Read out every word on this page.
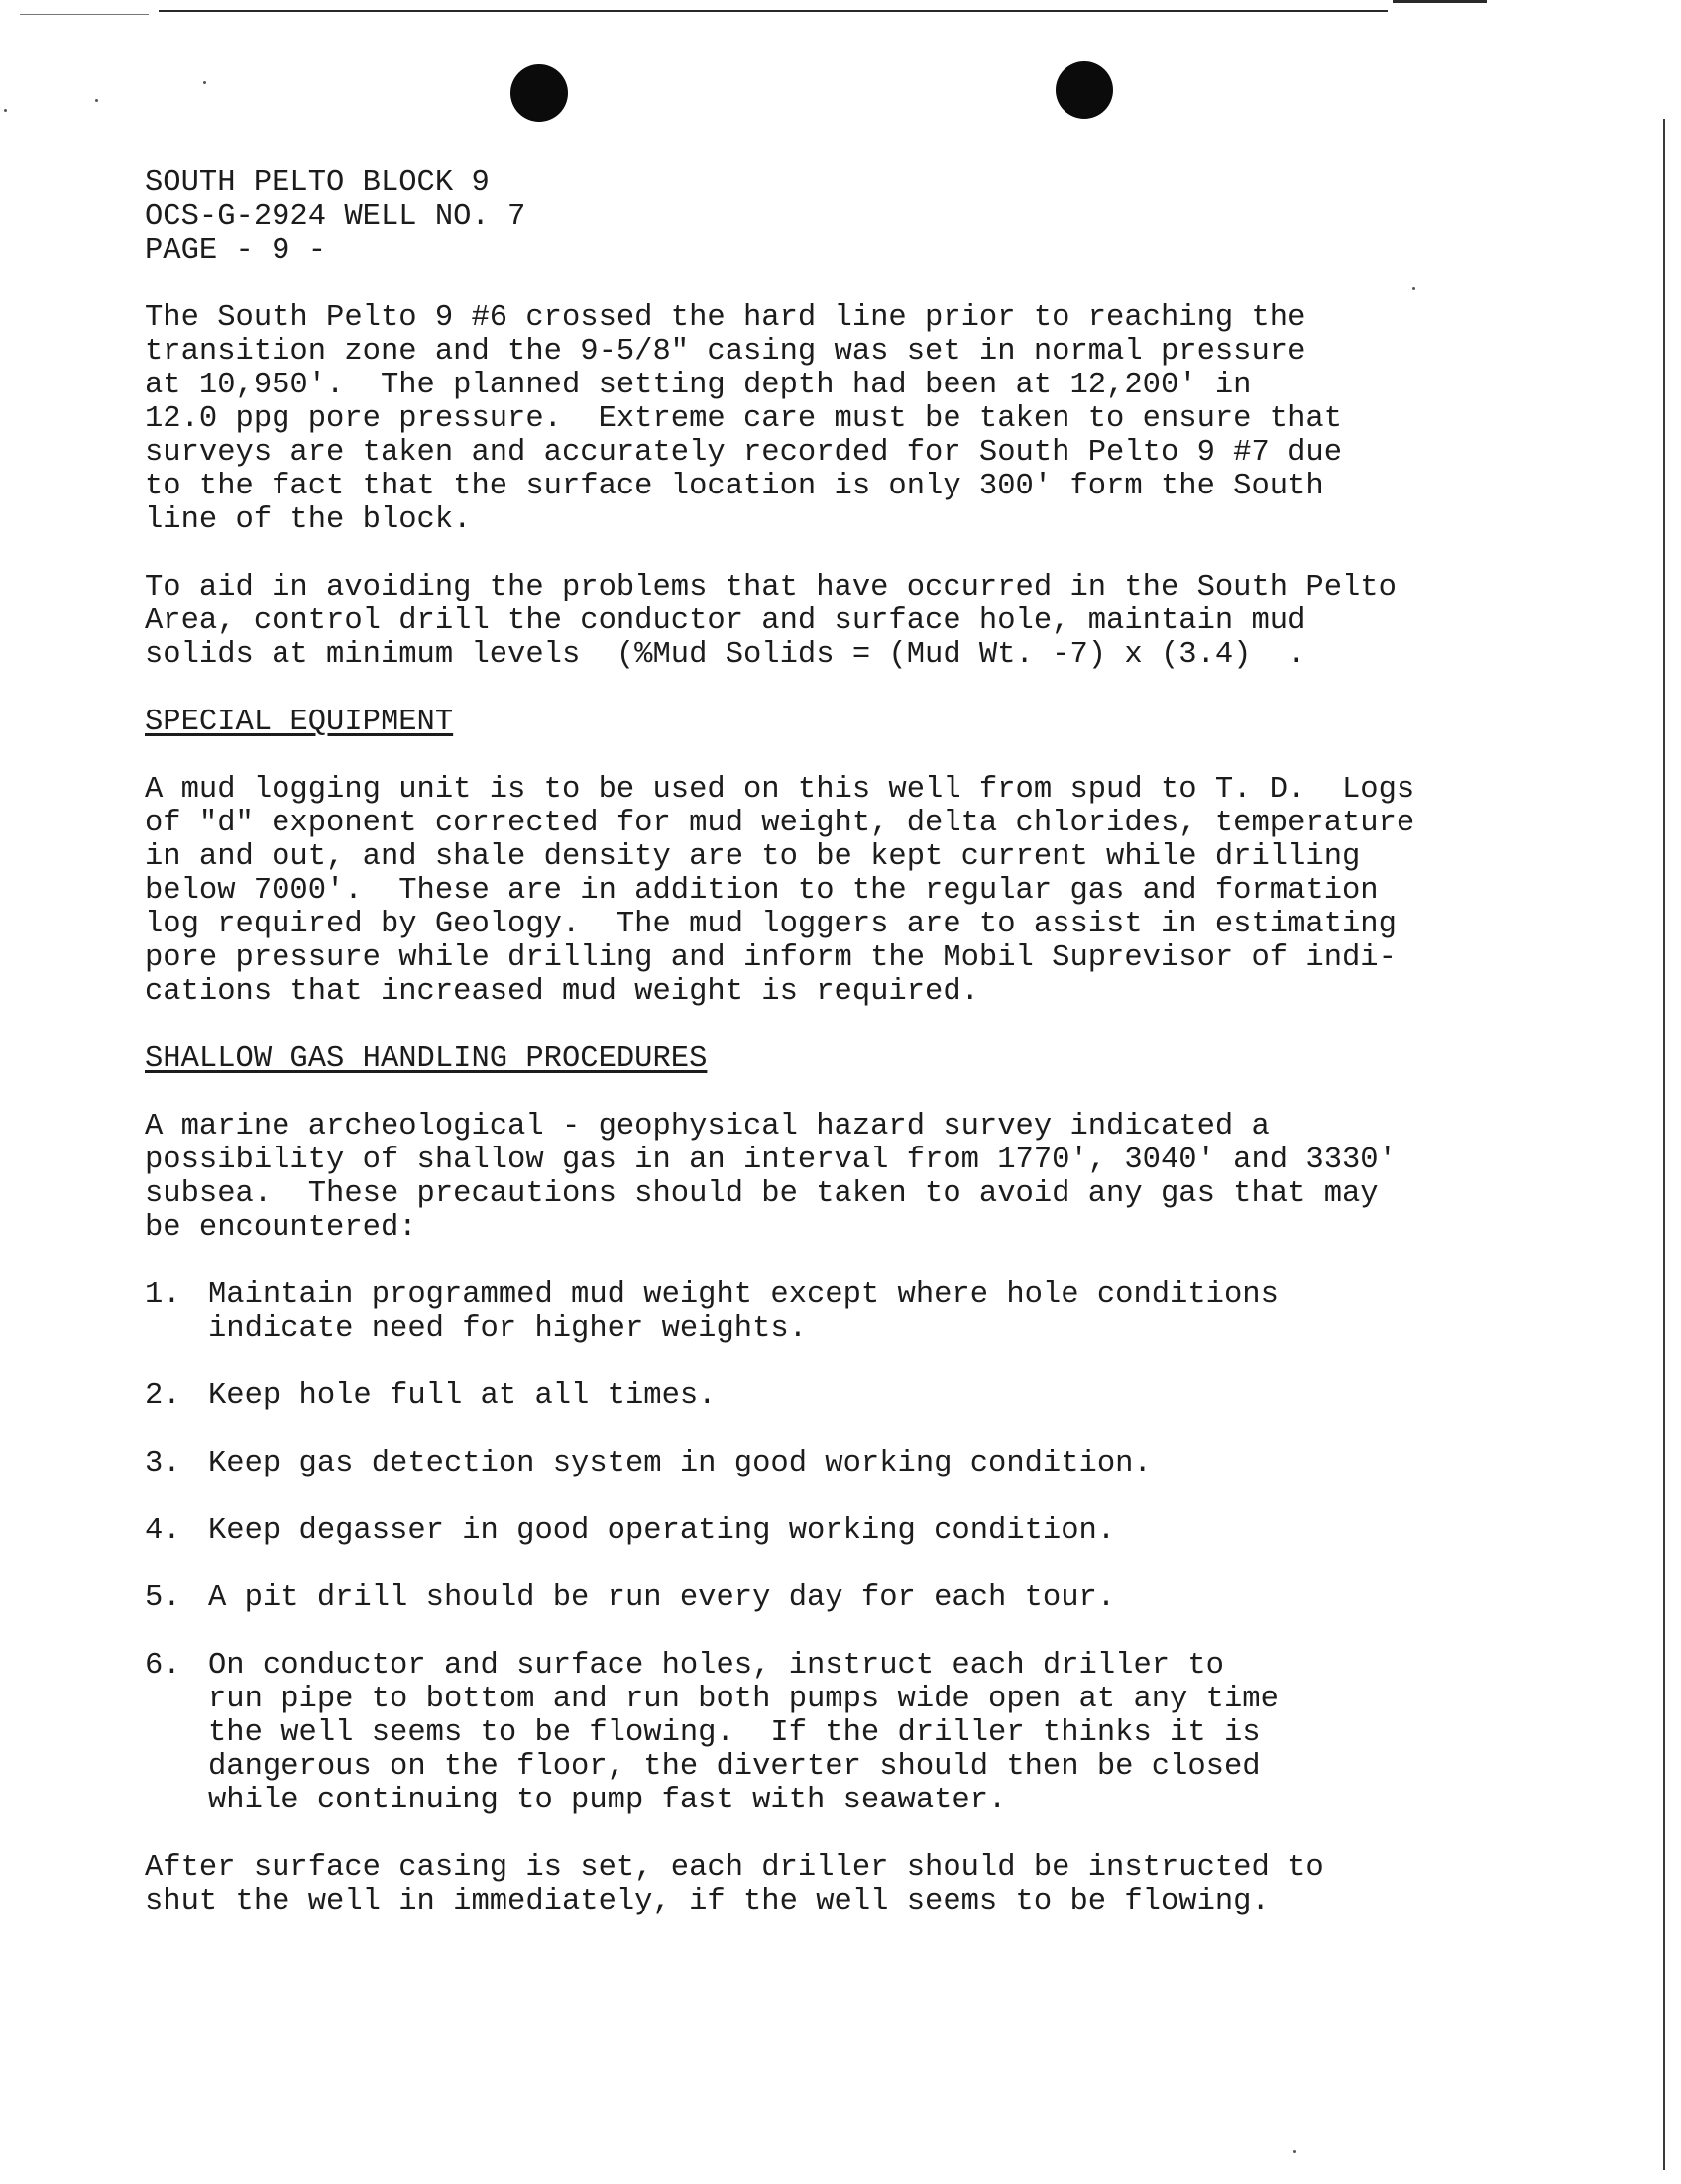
SOUTH PELTO BLOCK 9
OCS-G-2924 WELL NO. 7
PAGE - 9 -
The South Pelto 9 #6 crossed the hard line prior to reaching the
transition zone and the 9-5/8" casing was set in normal pressure
at 10,950'.  The planned setting depth had been at 12,200' in
12.0 ppg pore pressure.  Extreme care must be taken to ensure that
surveys are taken and accurately recorded for South Pelto 9 #7 due
to the fact that the surface location is only 300' form the South
line of the block.
To aid in avoiding the problems that have occurred in the South Pelto
Area, control drill the conductor and surface hole, maintain mud
solids at minimum levels  (%Mud Solids = (Mud Wt. -7) x (3.4)  .
SPECIAL EQUIPMENT
A mud logging unit is to be used on this well from spud to T. D.  Logs
of "d" exponent corrected for mud weight, delta chlorides, temperature
in and out, and shale density are to be kept current while drilling
below 7000'.  These are in addition to the regular gas and formation
log required by Geology.  The mud loggers are to assist in estimating
pore pressure while drilling and inform the Mobil Suprevisor of indi-
cations that increased mud weight is required.
SHALLOW GAS HANDLING PROCEDURES
A marine archeological - geophysical hazard survey indicated a
possibility of shallow gas in an interval from 1770', 3040' and 3330'
subsea.  These precautions should be taken to avoid any gas that may
be encountered:
1. Maintain programmed mud weight except where hole conditions
indicate need for higher weights.
2. Keep hole full at all times.
3. Keep gas detection system in good working condition.
4. Keep degasser in good operating working condition.
5. A pit drill should be run every day for each tour.
6. On conductor and surface holes, instruct each driller to
run pipe to bottom and run both pumps wide open at any time
the well seems to be flowing.  If the driller thinks it is
dangerous on the floor, the diverter should then be closed
while continuing to pump fast with seawater.
After surface casing is set, each driller should be instructed to
shut the well in immediately, if the well seems to be flowing.
